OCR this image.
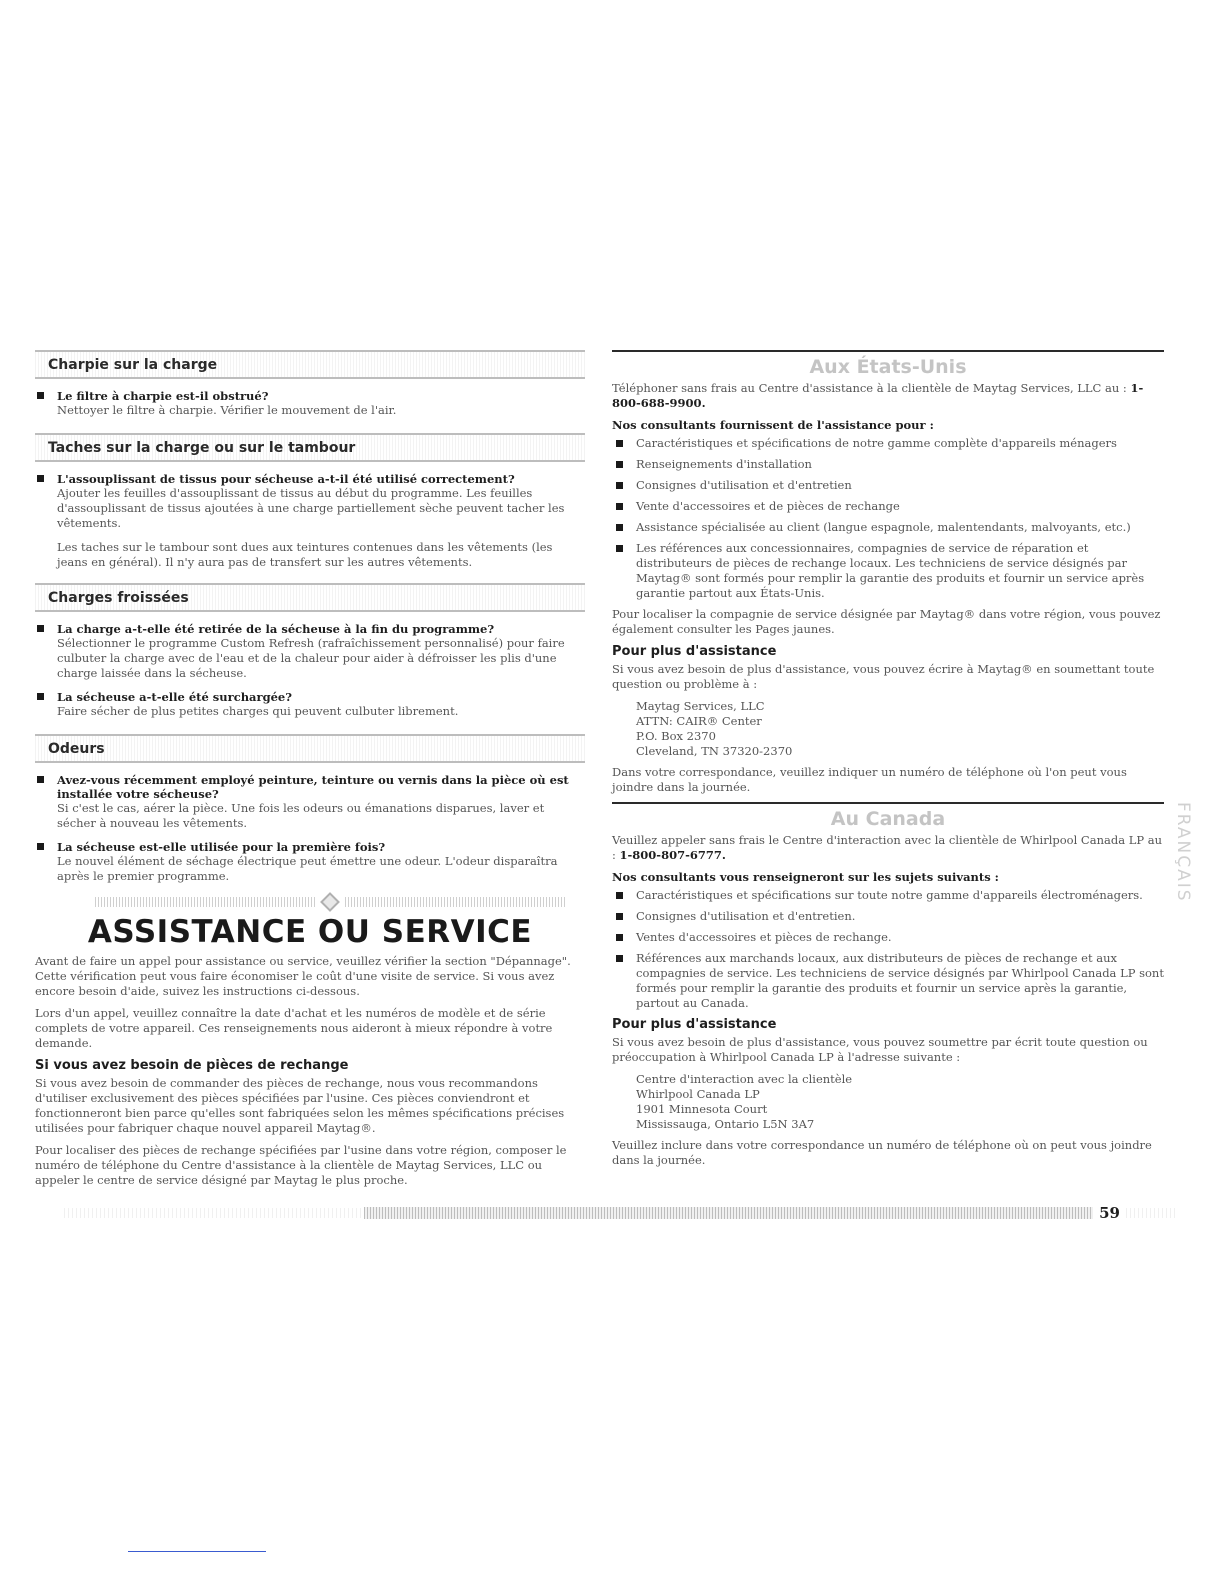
Charpie sur la charge
Le filtre à charpie est-il obstrué?
Nettoyer le filtre à charpie. Vérifier le mouvement de l'air.
Taches sur la charge ou sur le tambour
L'assouplissant de tissus pour sécheuse a-t-il été utilisé correctement?
Ajouter les feuilles d'assouplissant de tissus au début du programme. Les feuilles d'assouplissant de tissus ajoutées à une charge partiellement sèche peuvent tacher les vêtements.

Les taches sur le tambour sont dues aux teintures contenues dans les vêtements (les jeans en général). Il n'y aura pas de transfert sur les autres vêtements.

Charges froissées
La charge a-t-elle été retirée de la sécheuse à la fin du programme?
Sélectionner le programme Custom Refresh (rafraîchissement personnalisé) pour faire culbuter la charge avec de l'eau et de la chaleur pour aider à défroisser les plis d'une charge laissée dans la sécheuse.
La sécheuse a-t-elle été surchargée?
Faire sécher de plus petites charges qui peuvent culbuter librement.
Odeurs
Avez-vous récemment employé peinture, teinture ou vernis dans la pièce où est installée votre sécheuse?
Si c'est le cas, aérer la pièce. Une fois les odeurs ou émanations disparues, laver et sécher à nouveau les vêtements.
La sécheuse est-elle utilisée pour la première fois?
Le nouvel élément de séchage électrique peut émettre une odeur. L'odeur disparaîtra après le premier programme.
ASSISTANCE OU SERVICE

Avant de faire un appel pour assistance ou service, veuillez vérifier la section "Dépannage". Cette vérification peut vous faire économiser le coût d'une visite de service. Si vous avez encore besoin d'aide, suivez les instructions ci-dessous.

Lors d'un appel, veuillez connaître la date d'achat et les numéros de modèle et de série complets de votre appareil. Ces renseignements nous aideront à mieux répondre à votre demande.

Si vous avez besoin de pièces de rechange

Si vous avez besoin de commander des pièces de rechange, nous vous recommandons d'utiliser exclusivement des pièces spécifiées par l'usine. Ces pièces conviendront et fonctionneront bien parce qu'elles sont fabriquées selon les mêmes spécifications précises utilisées pour fabriquer chaque nouvel appareil Maytag®.

Pour localiser des pièces de rechange spécifiées par l'usine dans votre région, composer le numéro de téléphone du Centre d'assistance à la clientèle de Maytag Services, LLC ou appeler le centre de service désigné par Maytag le plus proche.

Aux États-Unis

Téléphoner sans frais au Centre d'assistance à la clientèle de Maytag Services, LLC au : 1-800-688-9900.

Nos consultants fournissent de l'assistance pour :
Caractéristiques et spécifications de notre gamme complète d'appareils ménagers
Renseignements d'installation
Consignes d'utilisation et d'entretien
Vente d'accessoires et de pièces de rechange
Assistance spécialisée au client (langue espagnole, malentendants, malvoyants, etc.)
Les références aux concessionnaires, compagnies de service de réparation et distributeurs de pièces de rechange locaux. Les techniciens de service désignés par Maytag® sont formés pour remplir la garantie des produits et fournir un service après garantie partout aux États-Unis.

Pour localiser la compagnie de service désignée par Maytag® dans votre région, vous pouvez également consulter les Pages jaunes.

Pour plus d'assistance

Si vous avez besoin de plus d'assistance, vous pouvez écrire à Maytag® en soumettant toute question ou problème à :

Maytag Services, LLC
ATTN: CAIR® Center
P.O. Box 2370
Cleveland, TN 37320-2370

Dans votre correspondance, veuillez indiquer un numéro de téléphone où l'on peut vous joindre dans la journée.

Au Canada

Veuillez appeler sans frais le Centre d'interaction avec la clientèle de Whirlpool Canada LP au : 1-800-807-6777.

Nos consultants vous renseigneront sur les sujets suivants :
Caractéristiques et spécifications sur toute notre gamme d'appareils électroménagers.
Consignes d'utilisation et d'entretien.
Ventes d'accessoires et pièces de rechange.
Références aux marchands locaux, aux distributeurs de pièces de rechange et aux compagnies de service. Les techniciens de service désignés par Whirlpool Canada LP sont formés pour remplir la garantie des produits et fournir un service après la garantie, partout au Canada.
Pour plus d'assistance

Si vous avez besoin de plus d'assistance, vous pouvez soumettre par écrit toute question ou préoccupation à Whirlpool Canada LP à l'adresse suivante :

Centre d'interaction avec la clientèle
Whirlpool Canada LP
1901 Minnesota Court
Mississauga, Ontario L5N 3A7

Veuillez inclure dans votre correspondance un numéro de téléphone où on peut vous joindre dans la journée.

FRANÇAIS
59
